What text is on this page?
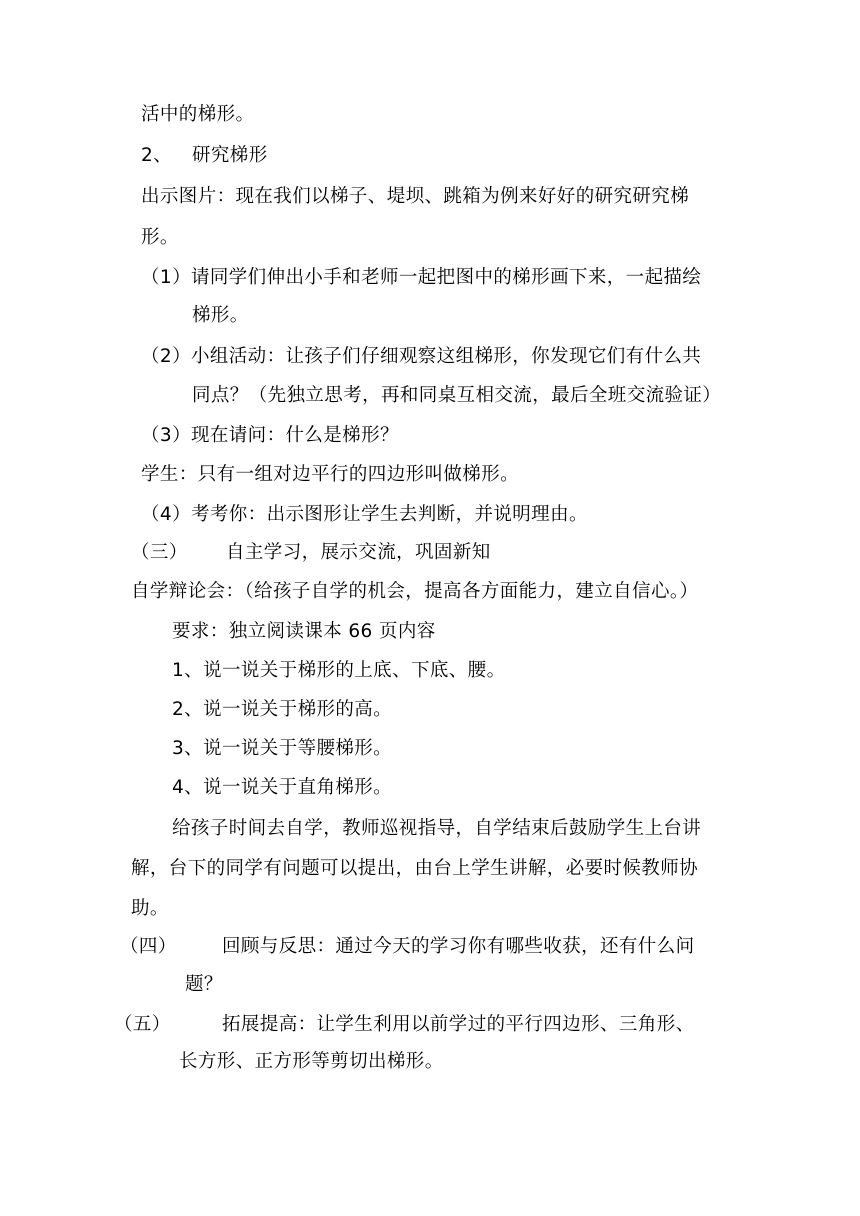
活中的梯形。
2、 研究梯形
出示图片：现在我们以梯子、堤坝、跳箱为例来好好的研究研究梯
形。
（1）请同学们伸出小手和老师一起把图中的梯形画下来，一起描绘
梯形。
（2）小组活动：让孩子们仔细观察这组梯形，你发现它们有什么共
同点？（先独立思考，再和同桌互相交流，最后全班交流验证）
（3）现在请问：什么是梯形？
学生：只有一组对边平行的四边形叫做梯形。
（4）考考你：出示图形让学生去判断，并说明理由。
（三） 自主学习，展示交流，巩固新知
自学辩论会：（给孩子自学的机会，提高各方面能力，建立自信心。）
要求：独立阅读课本 66 页内容
1、说一说关于梯形的上底、下底、腰。
2、说一说关于梯形的高。
3、说一说关于等腰梯形。
4、说一说关于直角梯形。
给孩子时间去自学，教师巡视指导，自学结束后鼓励学生上台讲
解，台下的同学有问题可以提出，由台上学生讲解，必要时候教师协
助。
（四） 回顾与反思：通过今天的学习你有哪些收获，还有什么问
题？
（五）	拓展提高：让学生利用以前学过的平行四边形、三角形、
长方形、正方形等剪切出梯形。
